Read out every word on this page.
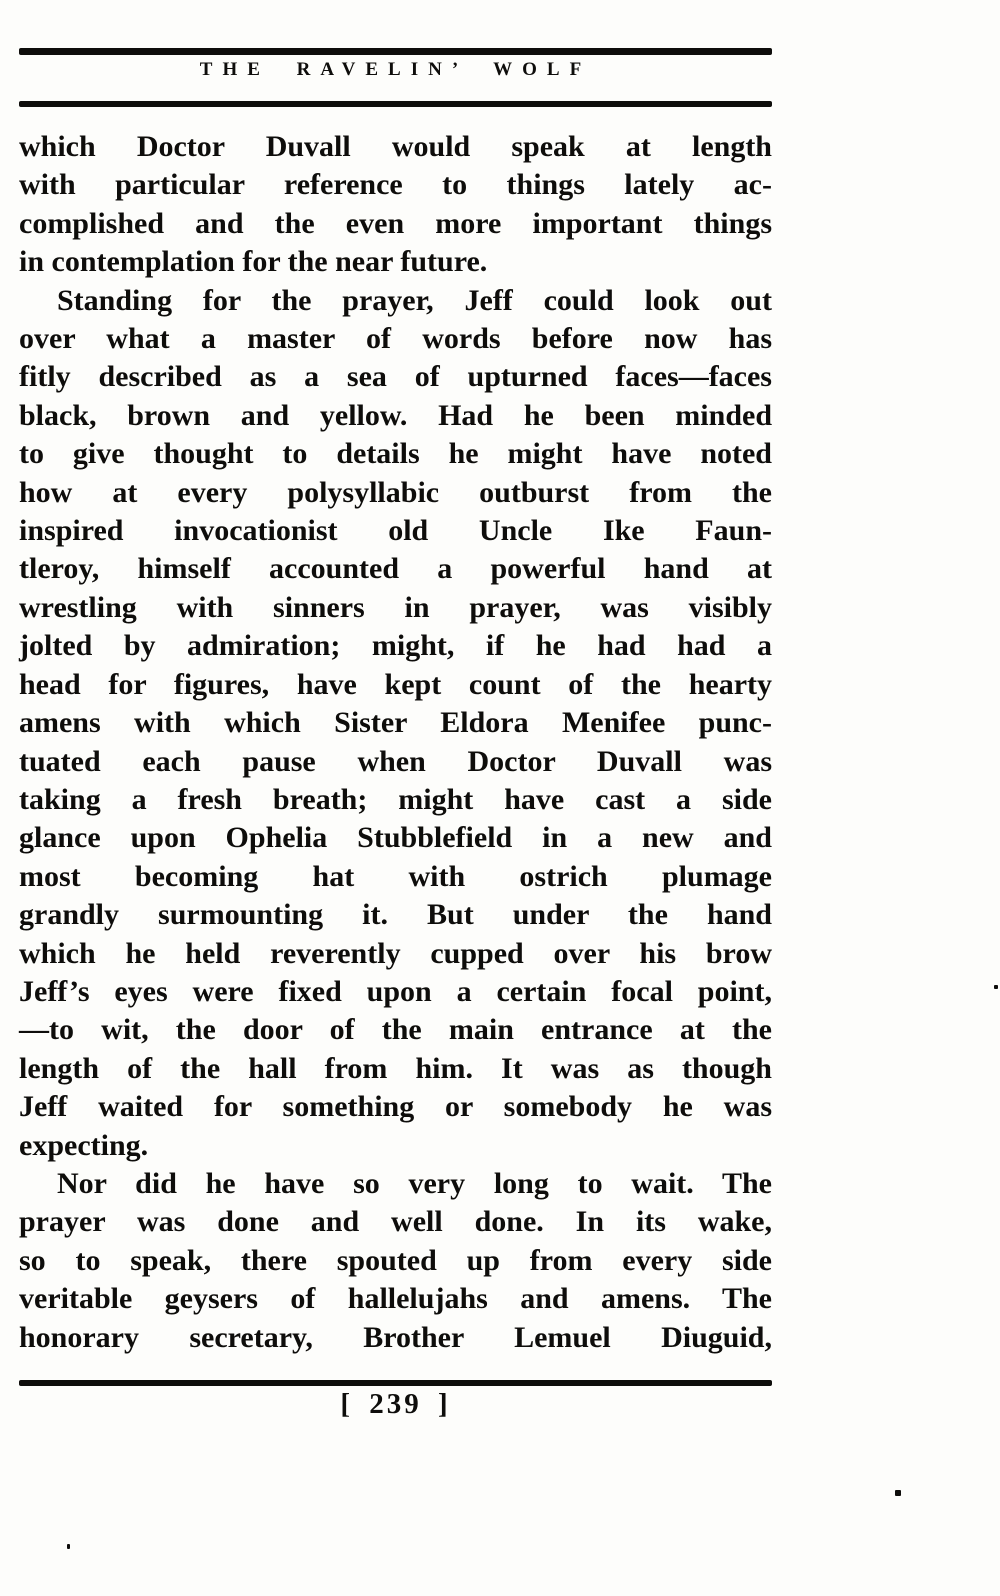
THE RAVELIN’ WOLF
which Doctor Duvall would speak at length
with particular reference to things lately ac-
complished and the even more important things
in contemplation for the near future.
Standing for the prayer, Jeff could look out
over what a master of words before now has
fitly described as a sea of upturned faces—faces
black, brown and yellow. Had he been minded
to give thought to details he might have noted
how at every polysyllabic outburst from the
inspired invocationist old Uncle Ike Faun-
tleroy, himself accounted a powerful hand at
wrestling with sinners in prayer, was visibly
jolted by admiration; might, if he had had a
head for figures, have kept count of the hearty
amens with which Sister Eldora Menifee punc-
tuated each pause when Doctor Duvall was
taking a fresh breath; might have cast a side
glance upon Ophelia Stubblefield in a new and
most becoming hat with ostrich plumage
grandly surmounting it. But under the hand
which he held reverently cupped over his brow
Jeff’s eyes were fixed upon a certain focal point,
—to wit, the door of the main entrance at the
length of the hall from him. It was as though
Jeff waited for something or somebody he was
expecting.
Nor did he have so very long to wait. The
prayer was done and well done. In its wake,
so to speak, there spouted up from every side
veritable geysers of hallelujahs and amens. The
honorary secretary, Brother Lemuel Diuguid,
[ 239 ]
